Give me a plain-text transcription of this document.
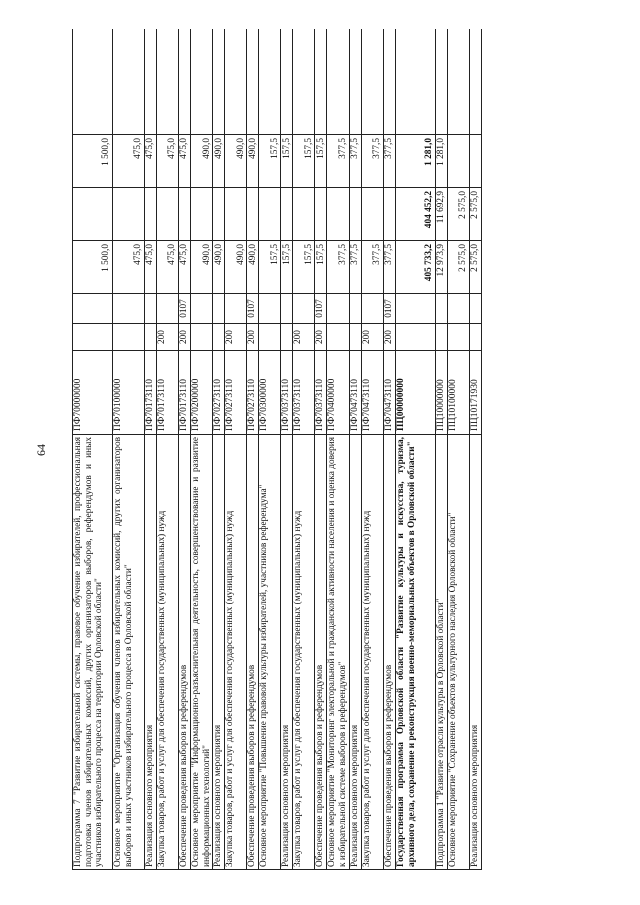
64	Подпрограмма 7 "Развитие избирательной системы, правовое обучение избирателей, профессиональная подготовка членов избирательных комиссий, других организаторов выборов, референдумов и иных участников избирательного процесса на территории Орловской области"
ПФ70000000
1 500,0
1 500,0
Основное мероприятие "Организация обучения членов избирательных комиссий, других организаторов выборов и иных участников избирательного процесса в Орловской области"
ПФ70100000
475,0
475,0
Реализация основного мероприятия
ПФ70173110
475,0
475,0
Закупка товаров, работ и услуг для обеспечения государственных (муниципальных) нужд
ПФ70173110
200
475,0
475,0
Обеспечение проведения выборов и референдумов
ПФ70173110
200
0107
475,0
475,0
Основное мероприятие "Информационно-разъяснительная деятельность, совершенствование и развитие информационных технологий"
ПФ70200000
490,0
490,0
Реализация основного мероприятия
ПФ70273110
490,0
490,0
Закупка товаров, работ и услуг для обеспечения государственных (муниципальных) нужд
ПФ70273110
200
490,0
490,0
Обеспечение проведения выборов и референдумов
ПФ70273110
200
0107
490,0
490,0
Основное мероприятие "Повышение правовой культуры избирателей, участников референдума"
ПФ70300000
157,5
157,5
Реализация основного мероприятия
ПФ70373110
157,5
157,5
Закупка товаров, работ и услуг для обеспечения государственных (муниципальных) нужд
ПФ70373110
200
157,5
157,5
Обеспечение проведения выборов и референдумов
ПФ70373110
200
0107
157,5
157,5
Основное мероприятие "Мониторинг электоральной и гражданской активности населения и оценка доверия к избирательной системе выборов и референдумов"
ПФ70400000
377,5
377,5
Реализация основного мероприятия
ПФ70473110
377,5
377,5
Закупка товаров, работ и услуг для обеспечения государственных (муниципальных) нужд
ПФ70473110
200
377,5
377,5
Обеспечение проведения выборов и референдумов
ПФ70473110
200
0107
377,5
377,5
Государственная программа Орловской области "Развитие культуры и искусства, туризма, архивного дела, сохранение и реконструкция военно-мемориальных объектов в Орловской области"
ПЦ00000000
405 733,2
404 452,2
1 281,0
Подпрограмма 1 "Развитие отрасли культуры в Орловской области"
ПЦ10000000
12 973,9
11 692,9
1 281,0
Основное мероприятие "Сохранение объектов культурного наследия Орловской области"
ПЦ10100000
2 575,0
2 575,0
Реализация основного мероприятия
ПЦ10171930
2 575,0
2 575,0
